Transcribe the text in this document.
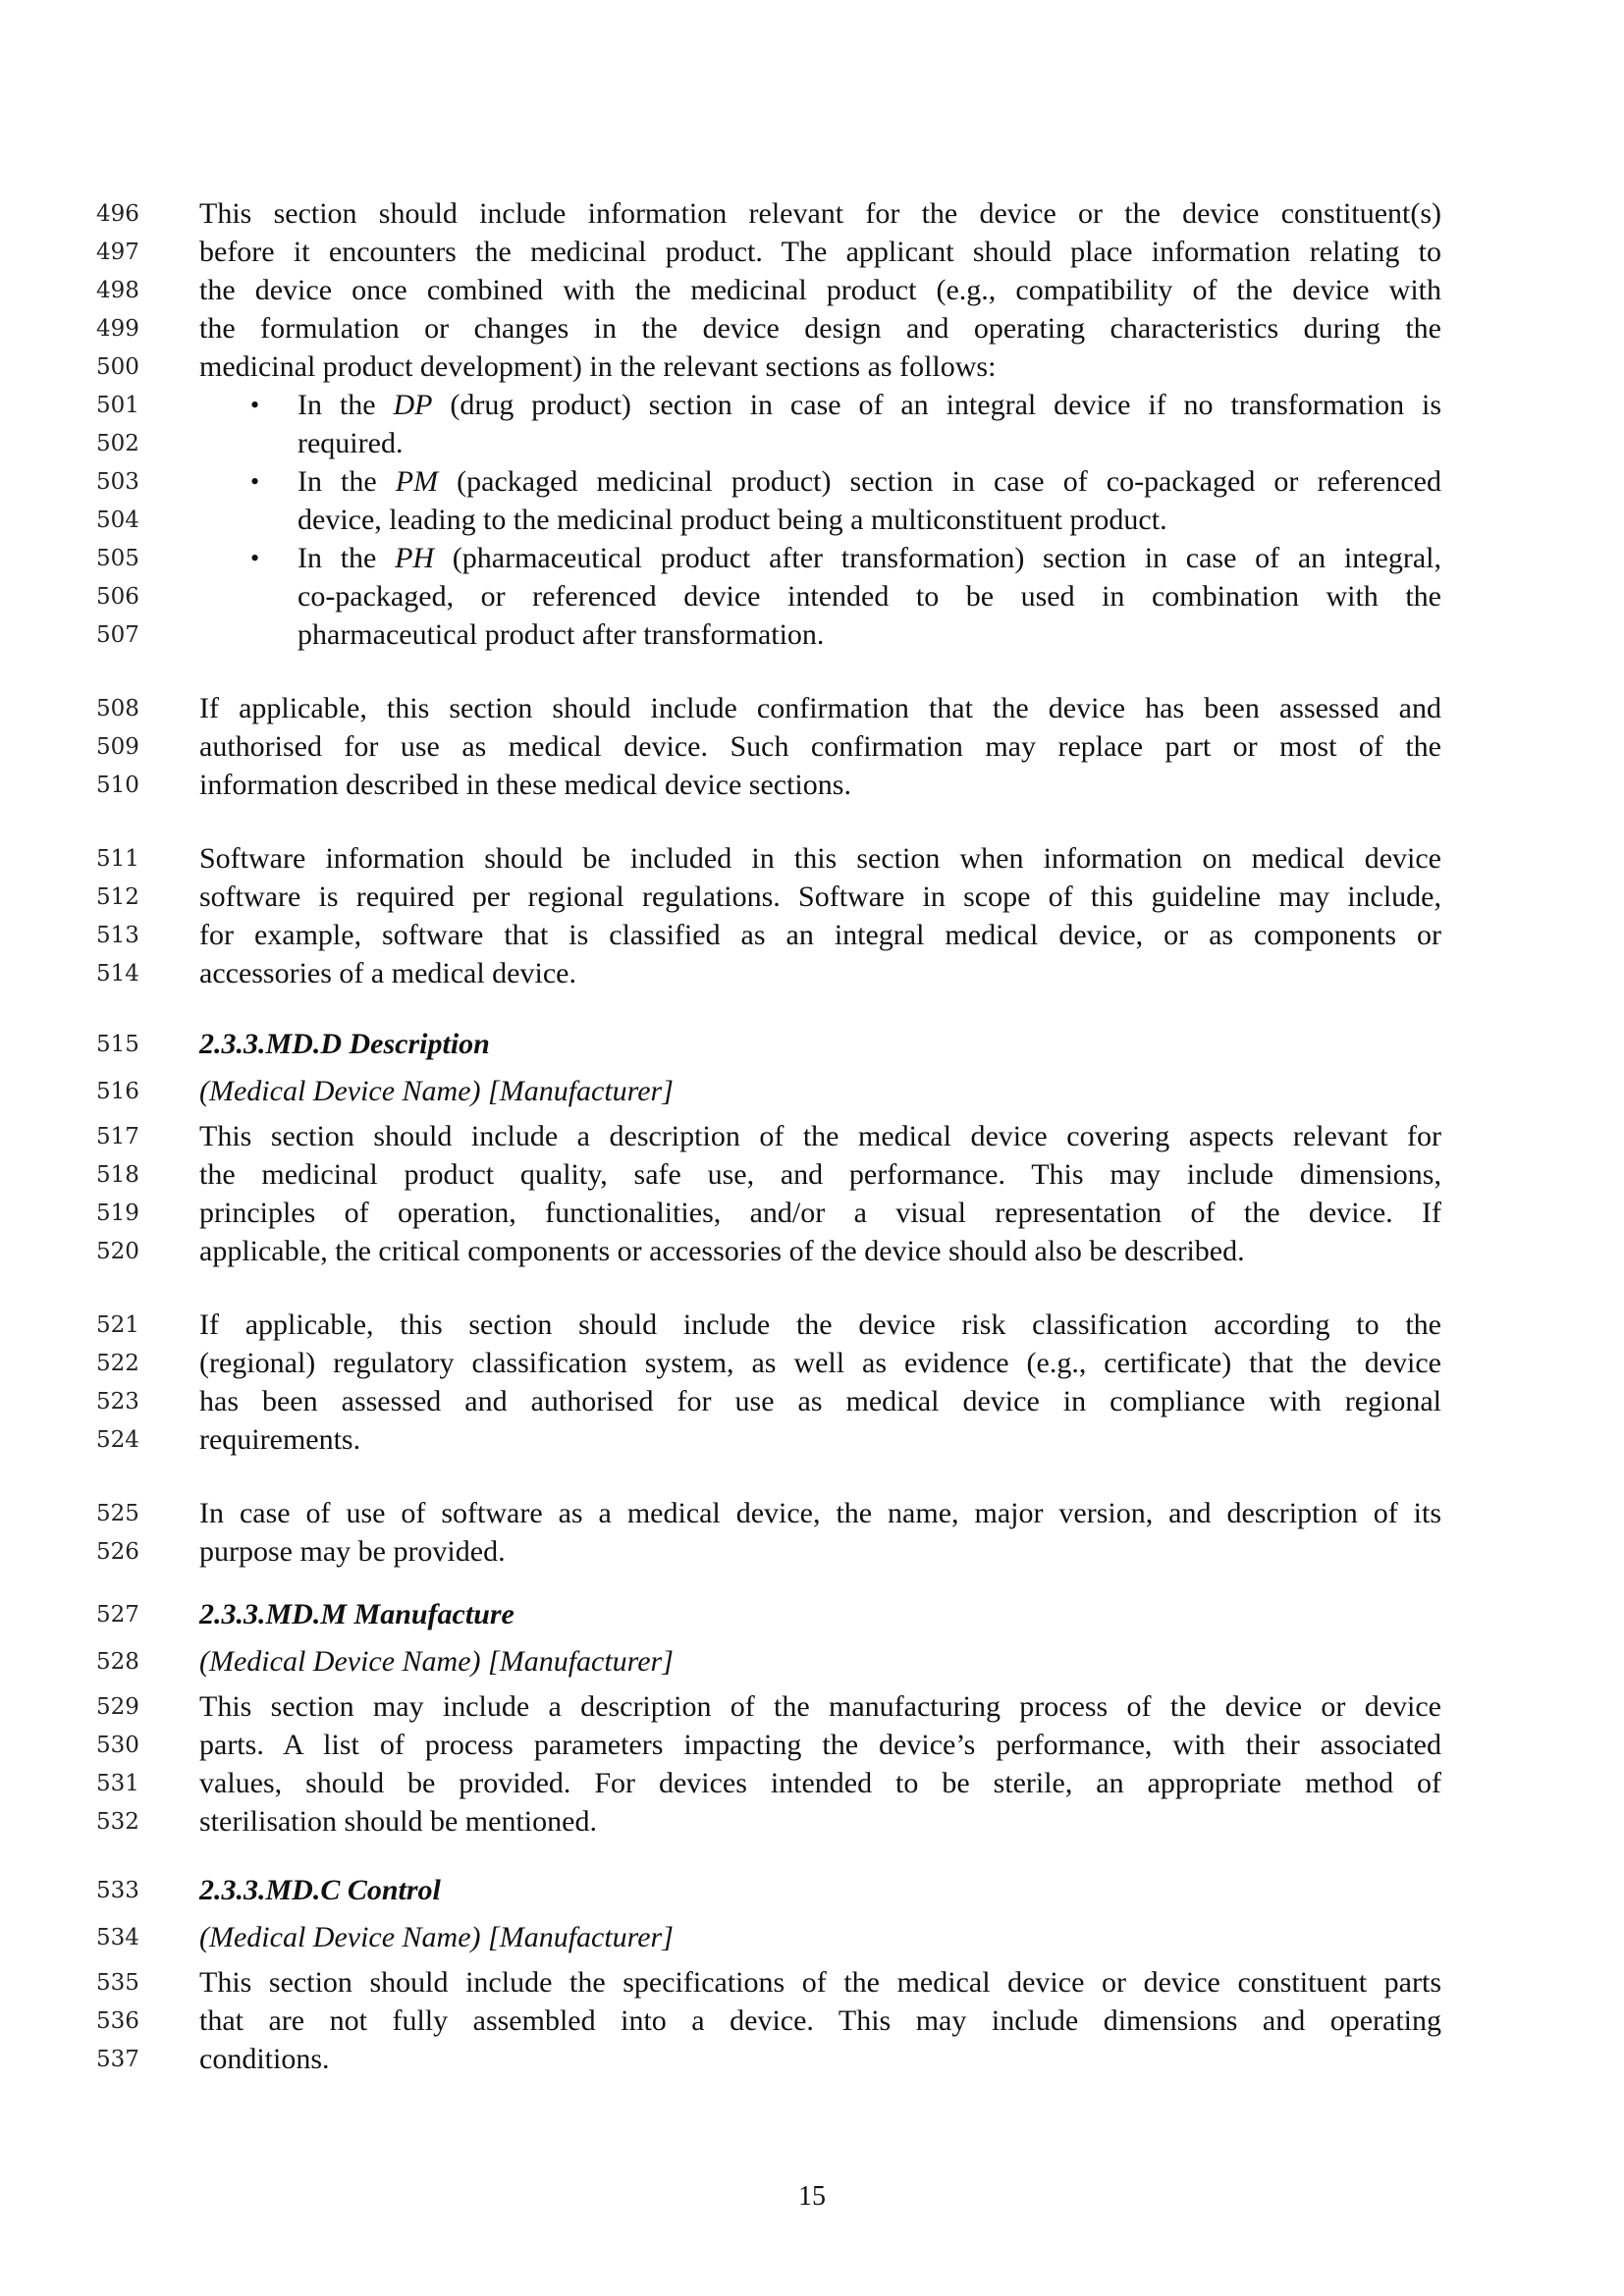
496	This section should include information relevant for the device or the device constituent(s)
497	before it encounters the medicinal product. The applicant should place information relating to
498	the device once combined with the medicinal product (e.g., compatibility of the device with
499	the formulation or changes in the device design and operating characteristics during the
500	medicinal product development) in the relevant sections as follows:
501	•	In the DP (drug product) section in case of an integral device if no transformation is
502	required.
503	•	In the PM (packaged medicinal product) section in case of co-packaged or referenced
504	device, leading to the medicinal product being a multiconstituent product.
505	•	In the PH (pharmaceutical product after transformation) section in case of an integral,
506	co-packaged, or referenced device intended to be used in combination with the
507	pharmaceutical product after transformation.
508	If applicable, this section should include confirmation that the device has been assessed and
509	authorised for use as medical device. Such confirmation may replace part or most of the
510	information described in these medical device sections.
511	Software information should be included in this section when information on medical device
512	software is required per regional regulations. Software in scope of this guideline may include,
513	for example, software that is classified as an integral medical device, or as components or
514	accessories of a medical device.
515	2.3.3.MD.D Description
516	(Medical Device Name) [Manufacturer]
517	This section should include a description of the medical device covering aspects relevant for
518	the medicinal product quality, safe use, and performance. This may include dimensions,
519	principles of operation, functionalities, and/or a visual representation of the device. If
520	applicable, the critical components or accessories of the device should also be described.
521	If applicable, this section should include the device risk classification according to the
522	(regional) regulatory classification system, as well as evidence (e.g., certificate) that the device
523	has been assessed and authorised for use as medical device in compliance with regional
524	requirements.
525	In case of use of software as a medical device, the name, major version, and description of its
526	purpose may be provided.
527	2.3.3.MD.M Manufacture
528	(Medical Device Name) [Manufacturer]
529	This section may include a description of the manufacturing process of the device or device
530	parts. A list of process parameters impacting the device’s performance, with their associated
531	values, should be provided. For devices intended to be sterile, an appropriate method of
532	sterilisation should be mentioned.
533	2.3.3.MD.C Control
534	(Medical Device Name) [Manufacturer]
535	This section should include the specifications of the medical device or device constituent parts
536	that are not fully assembled into a device. This may include dimensions and operating
537	conditions.
15
